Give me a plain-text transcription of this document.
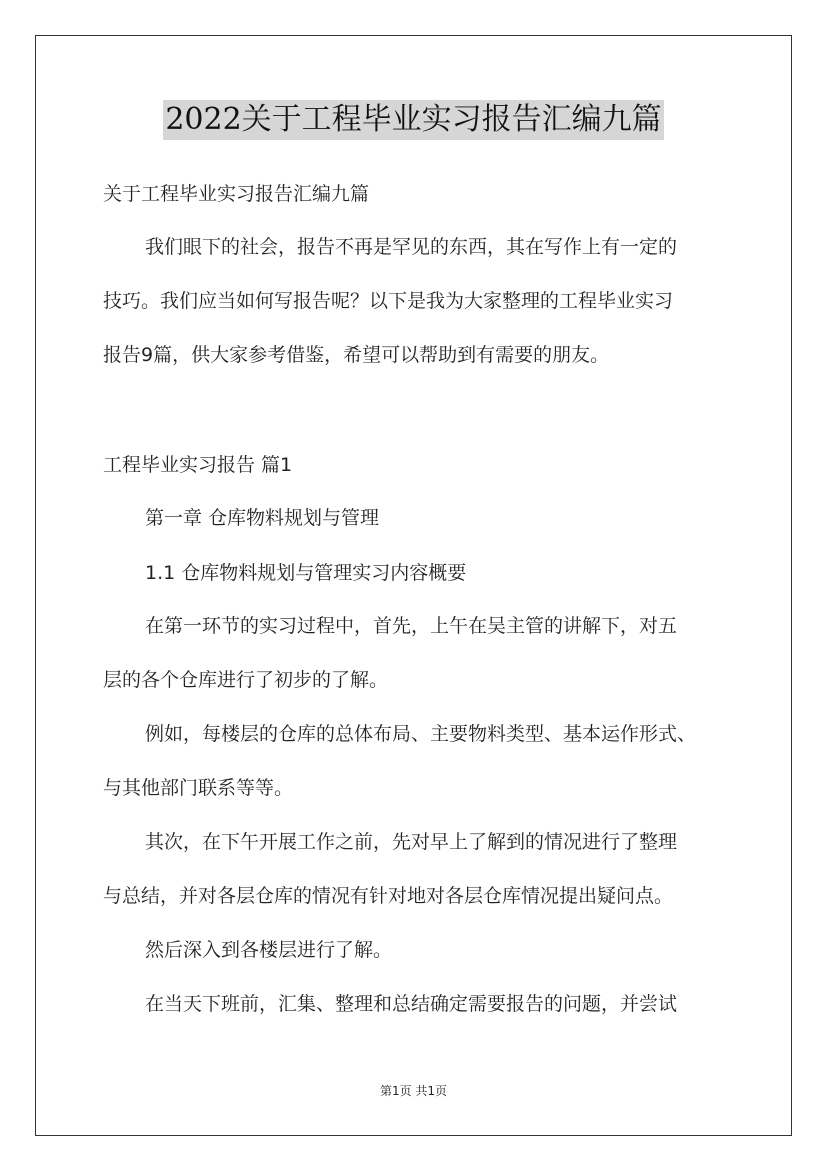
2022关于工程毕业实习报告汇编九篇
关于工程毕业实习报告汇编九篇
我们眼下的社会，报告不再是罕见的东西，其在写作上有一定的
技巧。我们应当如何写报告呢？以下是我为大家整理的工程毕业实习
报告9篇，供大家参考借鉴，希望可以帮助到有需要的朋友。
工程毕业实习报告 篇1
第一章 仓库物料规划与管理
1.1 仓库物料规划与管理实习内容概要
在第一环节的实习过程中，首先，上午在吴主管的讲解下，对五
层的各个仓库进行了初步的了解。
例如，每楼层的仓库的总体布局、主要物料类型、基本运作形式、
与其他部门联系等等。
其次，在下午开展工作之前，先对早上了解到的情况进行了整理
与总结，并对各层仓库的情况有针对地对各层仓库情况提出疑问点。
然后深入到各楼层进行了解。
在当天下班前，汇集、整理和总结确定需要报告的问题，并尝试
第1页 共1页
